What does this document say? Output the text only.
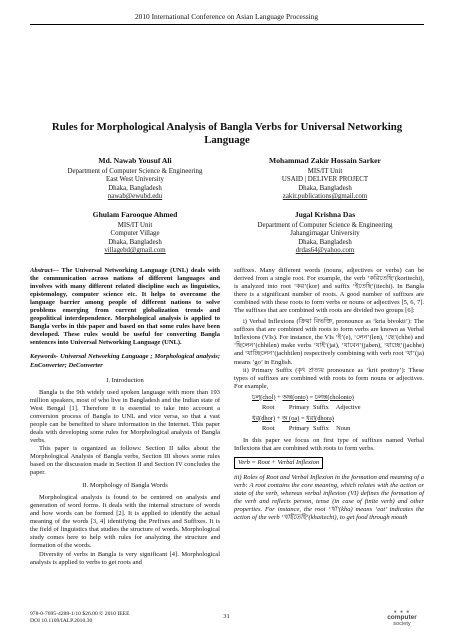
2010 International Conference on Asian Language Processing
Rules for Morphological Analysis of Bangla Verbs for Universal Networking Language
Md. Nawab Yousuf Ali
Department of Computer Science & Engineering
East West University
Dhaka, Bangladesh
nawab@ewubd.edu
Mohammad Zakir Hossain Sarker
MIS/IT Unit
USAID | DELIVER PROJECT
Dhaka, Bangladesh
zakir.publications@gmail.com
Ghulam Farooque Ahmed
MIS/IT Unit
Computer Village
Dhaka, Bangladesh
villagebd@gmail.com
Jugal Krishna Das
Department of Computer Science & Engineering
Jahangirnagar University
Dhaka, Bangladesh
drdas64@yahoo.com

Abstract— The Universal Networking Language (UNL) deals with the communication across nations of different languages and involves with many different related discipline such as linguistics, epistemology, computer science etc. It helps to overcome the language barrier among people of different nations to solve problems emerging from current globalization trends and geopolitical interdependence. Morphological analysis is applied to Bangla verbs in this paper and based on that some rules have been developed. These rules would be useful for converting Bangla sentences into Universal Networking Language (UNL).

Keywords- Universal Networking Language ; Morphological analysis; EnConverter; DeConverter

I. Introduction

Bangla is the 9th widely used spoken language with more than 193 million speakers, most of who live in Bangladesh and the Indian state of West Bengal [1]. Therefore it is essential to take into account a conversion process of Bangla to UNL and vice versa, so that a vast people can be benefited to share information in the Internet. This paper deals with developing some rules for Morphological analysis of Bangla verbs.

This paper is organized as follows: Section II talks about the Morphological Analysis of Bangla verbs, Section III shows some rules based on the discussion made in Section II and Section IV concludes the paper.

II. Morphology of Bangla Words

Morphological analysis is found to be centered on analysis and generation of word forms. It deals with the internal structure of words and how words can be formed [2]. It is applied to identify the actual meaning of the words [3, 4] identifying the Prefixes and Suffixes. It is the field of linguistics that studies the structure of words. Morphological study comes here to help with rules for analyzing the structure and formation of the words.

Diversity of verbs in Bangla is very significant [4]. Morphological analysis is applied to verbs to get roots and

suffixes. Many different words (nouns, adjectives or verbs) can be derived from a single root. For example, the verb ‘করিতেছি’(koritechi), is analyzed into root ‘কর’(kor) and suffix ‘ইতেছি’(itechi). In Bangla there is a significant number of roots. A good number of suffixes are combined with these roots to form verbs or nouns or adjectives [5, 6, 7]. The suffixes that are combined with roots are divided two groups [6]:

i) Verbal Inflexions (ক্রিয়া বিভক্তি, pronounce as ‘kria bivokti’): The suffixes that are combined with roots to form verbs are known as Verbal Inflexions (VIs). For instance, the VIs ‘ই’(e), ‘লেন’(len), ‘ছে’(chhe) and ‘ছিলেন’(chhilen) make verbs ‘যাই’(jai), ‘যাবেন’(jaben), ‘যাচ্ছে’(jachhe) and ‘যাচ্ছিলেন’(jachhilen) respectively combining with verb root ‘যা’(ja) means ‘go’ in English.

ii) Primary Suffix (কৃৎ প্রত্যয় pronounce as ‘krit prottoy’): These types of suffixes are combined with roots to form nouns or adjectives. For example,

চল্(chol) + অন্ত(onto) = চলন্ত(cholonto)
Root Primary Suffix Adjective
ধর্(dhor) + অ (oa) = ধরা(dhora)
Root Primary Suffix Noun

In this paper we focus on first type of suffixes named Verbal Inflexions that are combined with roots to form verbs.

Verb = Root + Verbal Inflexion

iii) Roles of Root and Verbal Inflexion in the formation and meaning of a verb: A root contains the core meaning, which relates with the action or state of the verb, whereas verbal inflexion (VI) defines the formation of the verb and reflects person, tense (in case of finite verb) and other properties. For instance, the root ‘খা’(kha) means ‘eat’ indicates the action of the verb ‘খাইতেছি’(khaitechi), to get food through mouth

978-0-7695-4288-1/10 $26.00 © 2010 IEEE
DOI 10.1109/IALP.2010.30
31
● ● ●
computer
society
